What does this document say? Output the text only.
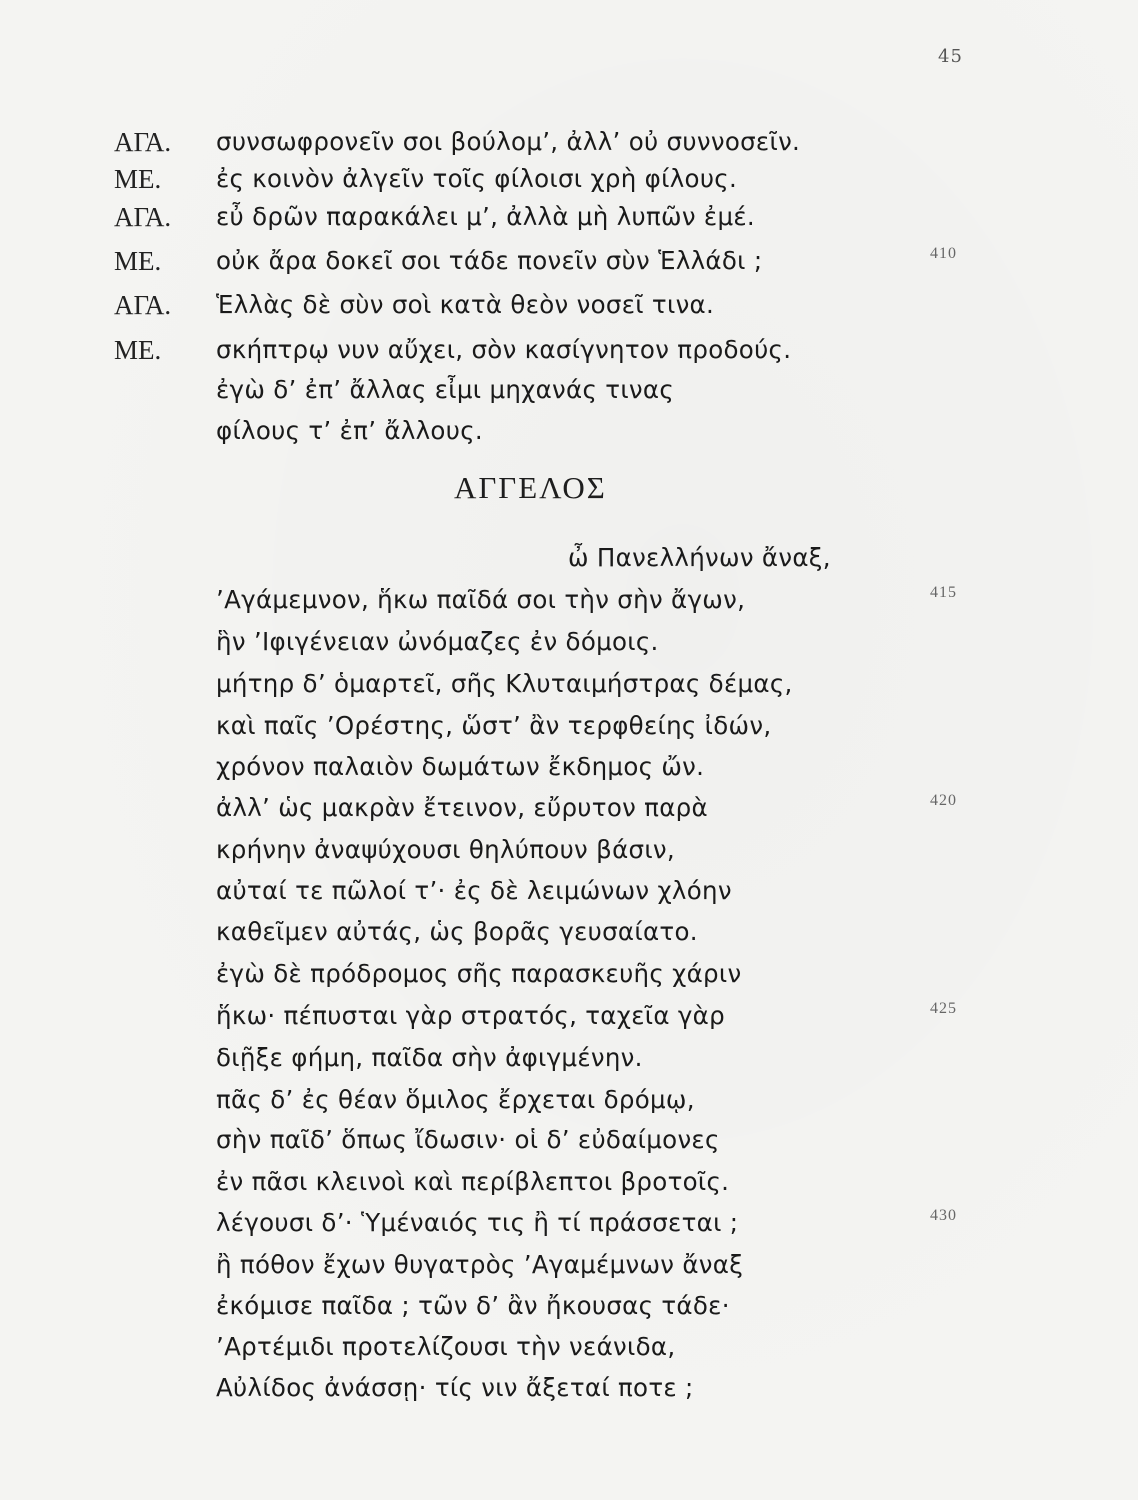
45
ΑΓΑ. συνσωφρονεῖν σοι βούλομ’, ἀλλ’ οὐ συννοσεῖν.
ΜΕ. ἐς κοινὸν ἀλγεῖν τοῖς φίλοισι χρὴ φίλους.
ΑΓΑ. εὖ δρῶν παρακάλει μ’, ἀλλὰ μὴ λυπῶν ἐμέ.
ΜΕ. οὐκ ἄρα δοκεῖ σοι τάδε πονεῖν σὺν Ἑλλάδι ;	410
ΑΓΑ. Ἑλλὰς δὲ σὺν σοὶ κατὰ θεὸν νοσεῖ τινα.
ΜΕ. σκήπτρῳ νυν αὔχει, σὸν κασίγνητον προδούς.
ἐγὼ δ’ ἐπ’ ἄλλας εἶμι μηχανάς τινας
φίλους τ’ ἐπ’ ἄλλους.
ΑΓΓΕΛΟΣ
ὦ Πανελλήνων ἄναξ,
’Αγάμεμνον, ἥκω παῖδά σοι τὴν σὴν ἄγων,	415
ἣν ’Ιφιγένειαν ὠνόμαζες ἐν δόμοις.
μήτηρ δ’ ὁμαρτεῖ, σῆς Κλυταιμήστρας δέμας,
καὶ παῖς ’Ορέστης, ὥστ’ ἂν τερφθείης ἰδών,
χρόνον παλαιὸν δωμάτων ἔκδημος ὤν.
ἀλλ’ ὡς μακρὰν ἔτεινον, εὔρυτον παρὰ	420
κρήνην ἀναψύχουσι θηλύπουν βάσιν,
αὐταί τε πῶλοί τ’· ἐς δὲ λειμώνων χλόην
καθεῖμεν αὐτάς, ὡς βορᾶς γευσαίατο.
ἐγὼ δὲ πρόδρομος σῆς παρασκευῆς χάριν
ἥκω· πέπυσται γὰρ στρατός, ταχεῖα γὰρ	425
διῇξε φήμη, παῖδα σὴν ἀφιγμένην.
πᾶς δ’ ἐς θέαν ὅμιλος ἔρχεται δρόμῳ,
σὴν παῖδ’ ὅπως ἴδωσιν· οἱ δ’ εὐδαίμονες
ἐν πᾶσι κλεινοὶ καὶ περίβλεπτοι βροτοῖς.
λέγουσι δ’· Ὑμέναιός τις ἢ τί πράσσεται ;	430
ἢ πόθον ἔχων θυγατρὸς ’Αγαμέμνων ἄναξ
ἐκόμισε παῖδα ; τῶν δ’ ἂν ἤκουσας τάδε·
’Αρτέμιδι προτελίζουσι τὴν νεάνιδα,
Αὐλίδος ἀνάσσῃ· τίς νιν ἄξεταί ποτε ;
